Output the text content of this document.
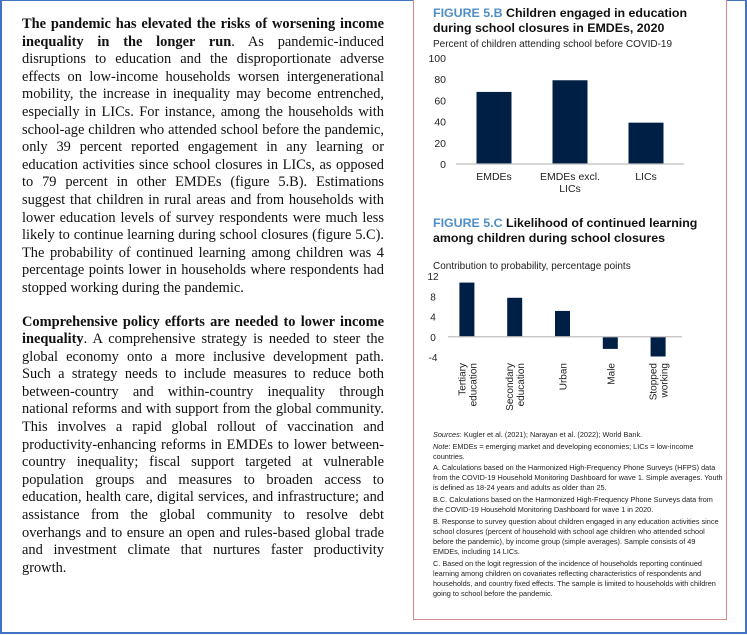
The pandemic has elevated the risks of worsening income inequality in the longer run. As pandemic-induced disruptions to education and the disproportionate adverse effects on low-income households worsen intergenerational mobility, the increase in inequality may become entrenched, especially in LICs. For instance, among the households with school-age children who attended school before the pandemic, only 39 percent reported engagement in any learning or education activities since school closures in LICs, as opposed to 79 percent in other EMDEs (figure 5.B). Estimations suggest that children in rural areas and from households with lower education levels of survey respondents were much less likely to continue learning during school closures (figure 5.C). The probability of continued learning among children was 4 percentage points lower in households where respondents had stopped working during the pandemic.

Comprehensive policy efforts are needed to lower income inequality. A comprehensive strategy is needed to steer the global economy onto a more inclusive development path. Such a strategy needs to include measures to reduce both between-country and within-country inequality through national reforms and with support from the global community. This involves a rapid global rollout of vaccination and productivity-enhancing reforms in EMDEs to lower between-country inequality; fiscal support targeted at vulnerable population groups and measures to broaden access to education, health care, digital services, and infrastructure; and assistance from the global community to resolve debt overhangs and to ensure an open and rules-based global trade and investment climate that nurtures faster productivity growth.

FIGURE 5.B Children engaged in education during school closures in EMDEs, 2020
Percent of children attending school before COVID-19
0
20
40
60
80
100
EMDEs	EMDEs excl.
LICs
LICs
FIGURE 5.C Likelihood of continued learning among children during school closures
Contribution to probability, percentage points
-4
0
4
8
12
Tertiary education	Secondary education	Urban	Male	Stopped working

Sources: Kugler et al. (2021); Narayan et al. (2022); World Bank.

Note: EMDEs = emerging market and developing economies; LICs = low-income countries.

A. Calculations based on the Harmonized High-Frequency Phone Surveys (HFPS) data from the COVID-19 Household Monitoring Dashboard for wave 1. Simple averages. Youth is defined as 18-24 years and adults as older than 25.

B.C. Calculations based on the Harmonized High-Frequency Phone Surveys data from the COVID-19 Household Monitoring Dashboard for wave 1 in 2020.

B. Response to survey question about children engaged in any education activities since school closures (percent of household with school age children who attended school before the pandemic), by income group (simple averages). Sample consists of 49 EMDEs, including 14 LICs.

C. Based on the logit regression of the incidence of households reporting continued learning among children on covariates reflecting characteristics of respondents and households, and country fixed effects. The sample is limited to households with children going to school before the pandemic.
